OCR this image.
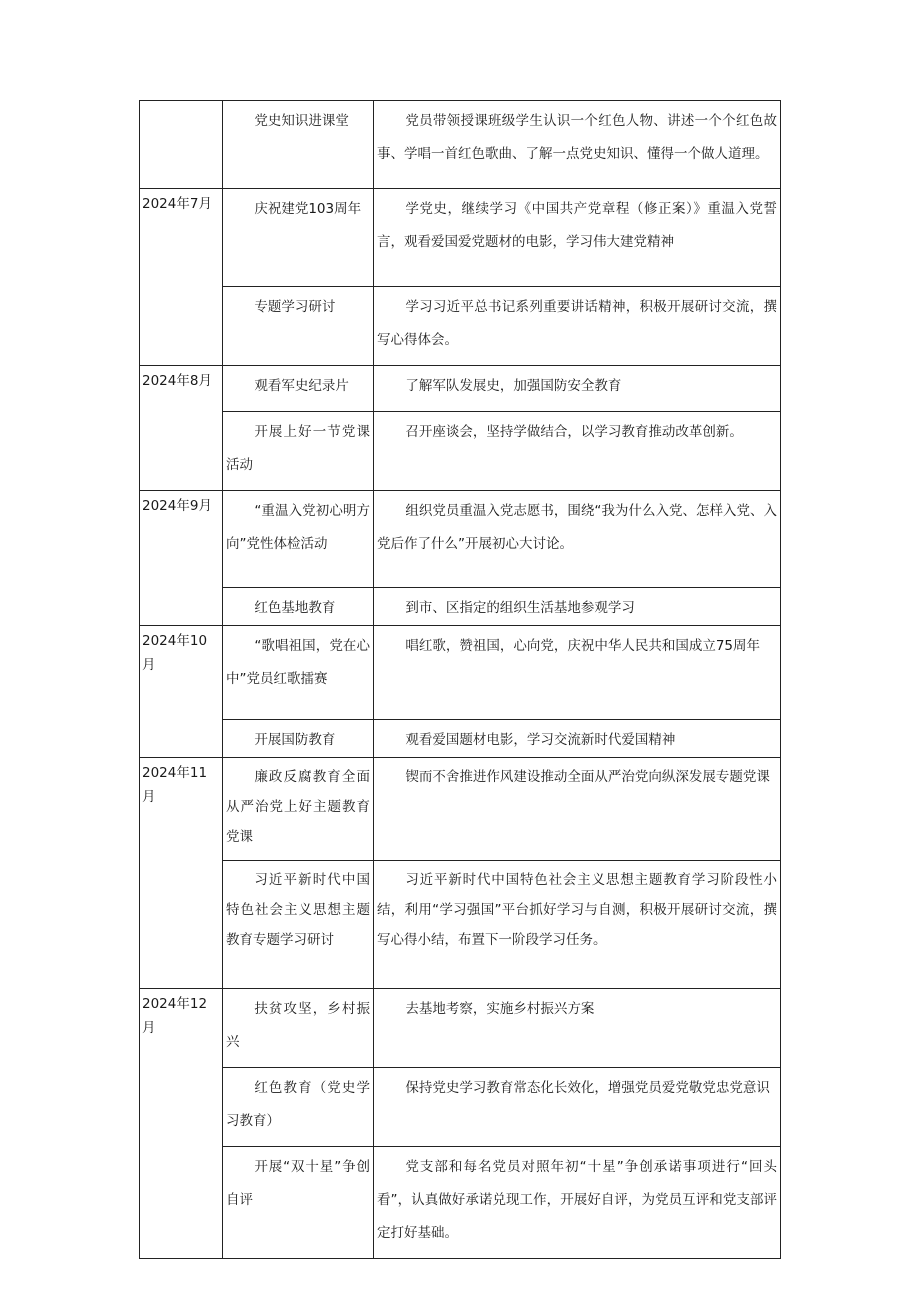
	党史知识进课堂	党员带领授课班级学生认识一个红色人物、讲述一个个红色故事、学唱一首红色歌曲、了解一点党史知识、懂得一个做人道理。

2024年7月	庆祝建党103周年	学党史，继续学习《中国共产党章程（修正案）》重温入党誓言，观看爱国爱党题材的电影，学习伟大建党精神

	专题学习研讨	学习习近平总书记系列重要讲话精神，积极开展研讨交流，撰写心得体会。

2024年8月	观看军史纪录片	了解军队发展史，加强国防安全教育

	开展上好一节党课活动	召开座谈会，坚持学做结合，以学习教育推动改革创新。

2024年9月	“重温入党初心明方向”党性体检活动	组织党员重温入党志愿书，围绕“我为什么入党、怎样入党、入党后作了什么”开展初心大讨论。

	红色基地教育	到市、区指定的组织生活基地参观学习

2024年10月	“歌唱祖国，党在心中”党员红歌擂赛	唱红歌，赞祖国，心向党，庆祝中华人民共和国成立75周年

	开展国防教育	观看爱国题材电影，学习交流新时代爱国精神

2024年11月	廉政反腐教育全面从严治党上好主题教育党课	锲而不舍推进作风建设推动全面从严治党向纵深发展专题党课

	习近平新时代中国特色社会主义思想主题教育专题学习研讨	习近平新时代中国特色社会主义思想主题教育学习阶段性小结，利用“学习强国”平台抓好学习与自测，积极开展研讨交流，撰写心得小结，布置下一阶段学习任务。

2024年12月	扶贫攻坚，乡村振兴	去基地考察，实施乡村振兴方案

	红色教育（党史学习教育）	保持党史学习教育常态化长效化，增强党员爱党敬党忠党意识

	开展“双十星”争创自评	党支部和每名党员对照年初“十星”争创承诺事项进行“回头看”，认真做好承诺兑现工作，开展好自评，为党员互评和党支部评定打好基础。
